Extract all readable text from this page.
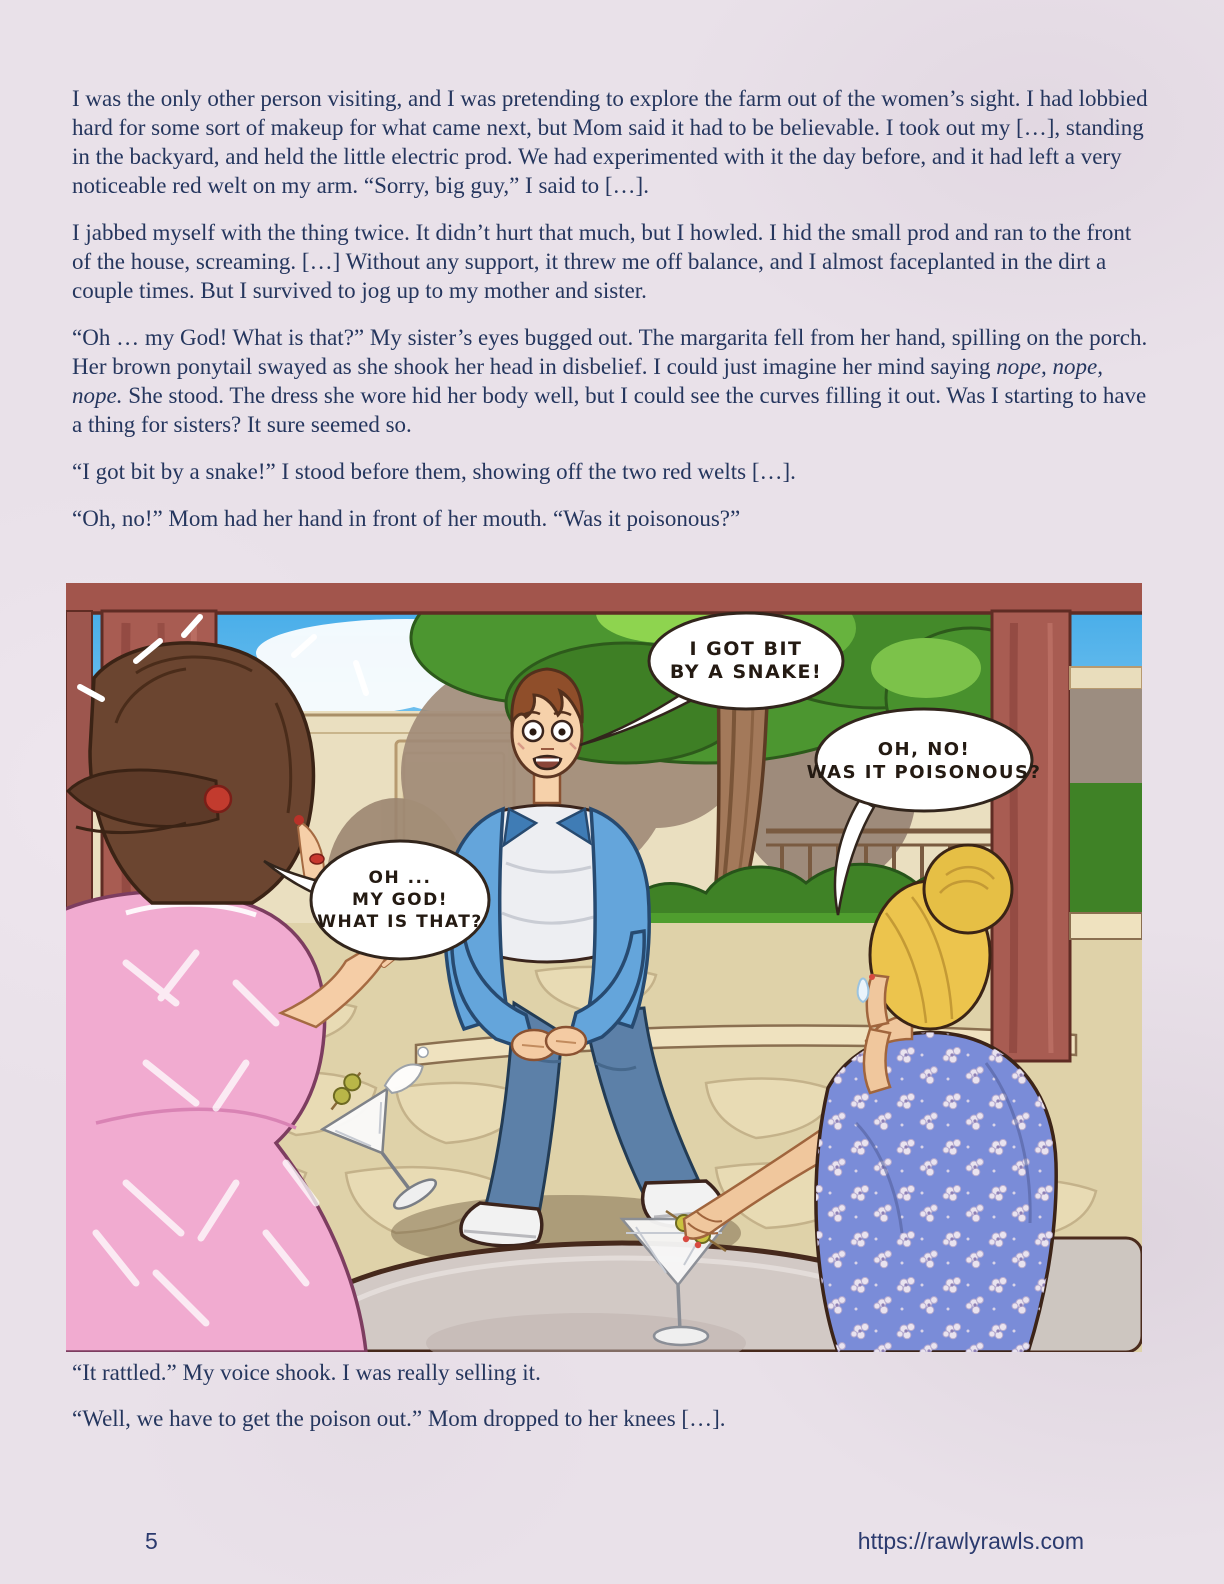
I was the only other person visiting, and I was pretending to explore the farm out of the women’s sight. I had lobbied hard for some sort of makeup for what came next, but Mom said it had to be believable. I took out my […], standing in the backyard, and held the little electric prod. We had experimented with it the day before, and it had left a very noticeable red welt on my arm. “Sorry, big guy,” I said to […].

I jabbed myself with the thing twice. It didn’t hurt that much, but I howled. I hid the small prod and ran to the front of the house, screaming. […] Without any support, it threw me off balance, and I almost faceplanted in the dirt a couple times. But I survived to jog up to my mother and sister.

“Oh … my God! What is that?” My sister’s eyes bugged out. The margarita fell from her hand, spilling on the porch. Her brown ponytail swayed as she shook her head in disbelief. I could just imagine her mind saying nope, nope, nope. She stood. The dress she wore hid her body well, but I could see the curves filling it out. Was I starting to have a thing for sisters? It sure seemed so.

“I got bit by a snake!” I stood before them, showing off the two red welts […].

“Oh, no!” Mom had her hand in front of her mouth. “Was it poisonous?”

I GOT BIT
BY A SNAKE!
OH, NO!
WAS IT POISONOUS?
OH ...
MY GOD!
WHAT IS THAT?

“It rattled.” My voice shook. I was really selling it.

“Well, we have to get the poison out.” Mom dropped to her knees […].

5	https://rawlyrawls.com
